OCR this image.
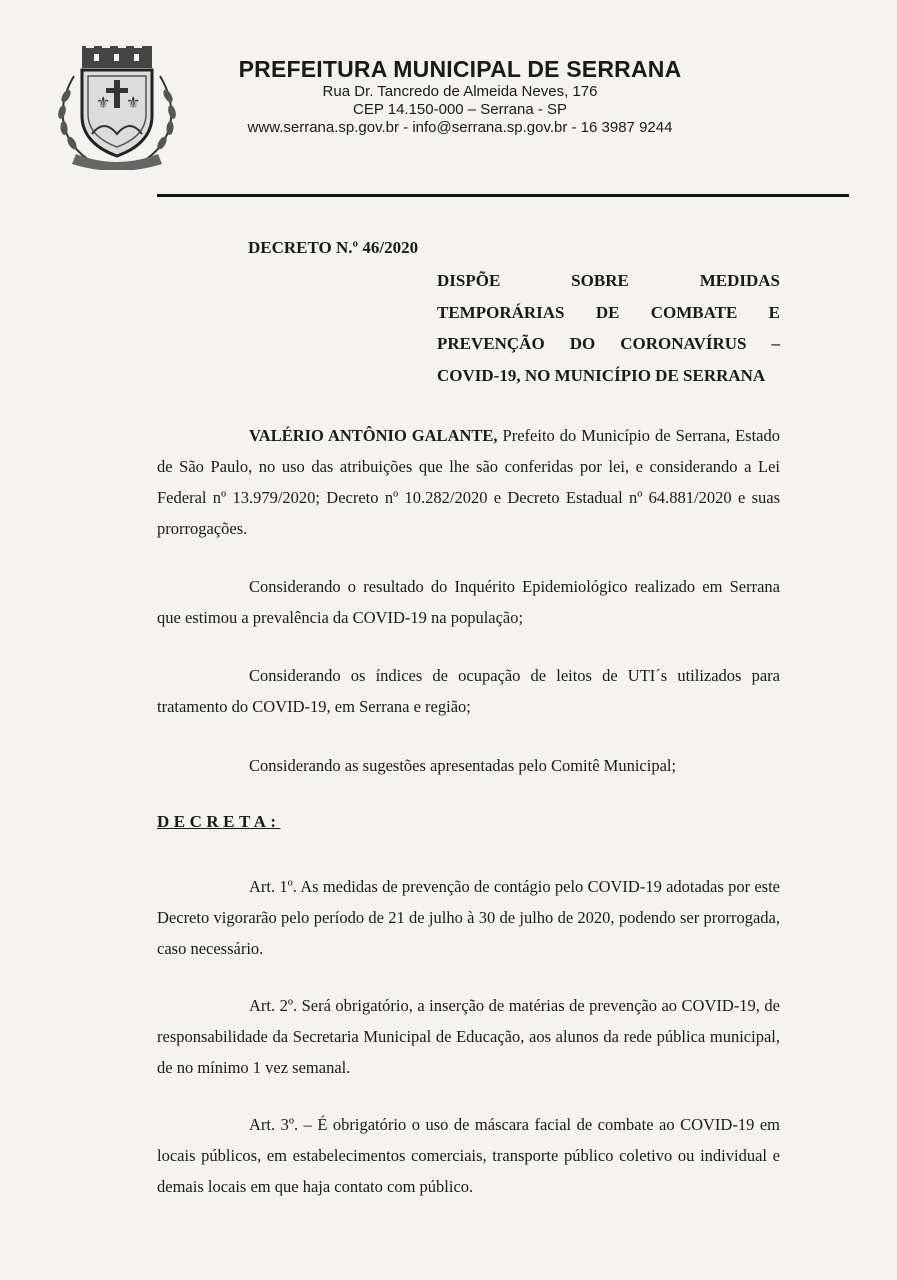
⚜ ⚜
PREFEITURA MUNICIPAL DE SERRANA
Rua Dr. Tancredo de Almeida Neves, 176
CEP 14.150-000 – Serrana - SP
www.serrana.sp.gov.br - info@serrana.sp.gov.br - 16 3987 9244
DECRETO N.º 46/2020
DISPÕE SOBRE MEDIDAS
TEMPORÁRIAS DE COMBATE E
PREVENÇÃO DO CORONAVÍRUS –
COVID-19, NO MUNICÍPIO DE SERRANA

VALÉRIO ANTÔNIO GALANTE, Prefeito do Município de Serrana, Estado de São Paulo, no uso das atribuições que lhe são conferidas por lei, e considerando a Lei Federal nº 13.979/2020; Decreto nº 10.282/2020 e Decreto Estadual nº 64.881/2020 e suas prorrogações.

Considerando o resultado do Inquérito Epidemiológico realizado em Serrana que estimou a prevalência da COVID-19 na população;

Considerando os índices de ocupação de leitos de UTI´s utilizados para tratamento do COVID-19, em Serrana e região;

Considerando as sugestões apresentadas pelo Comitê Municipal;

DECRETA:

Art. 1º. As medidas de prevenção de contágio pelo COVID-19 adotadas por este Decreto vigorarão pelo período de 21 de julho à 30 de julho de 2020, podendo ser prorrogada, caso necessário.

Art. 2º. Será obrigatório, a inserção de matérias de prevenção ao COVID-19, de responsabilidade da Secretaria Municipal de Educação, aos alunos da rede pública municipal, de no mínimo 1 vez semanal.

Art. 3º. – É obrigatório o uso de máscara facial de combate ao COVID-19 em locais públicos, em estabelecimentos comerciais, transporte público coletivo ou individual e demais locais em que haja contato com público.
